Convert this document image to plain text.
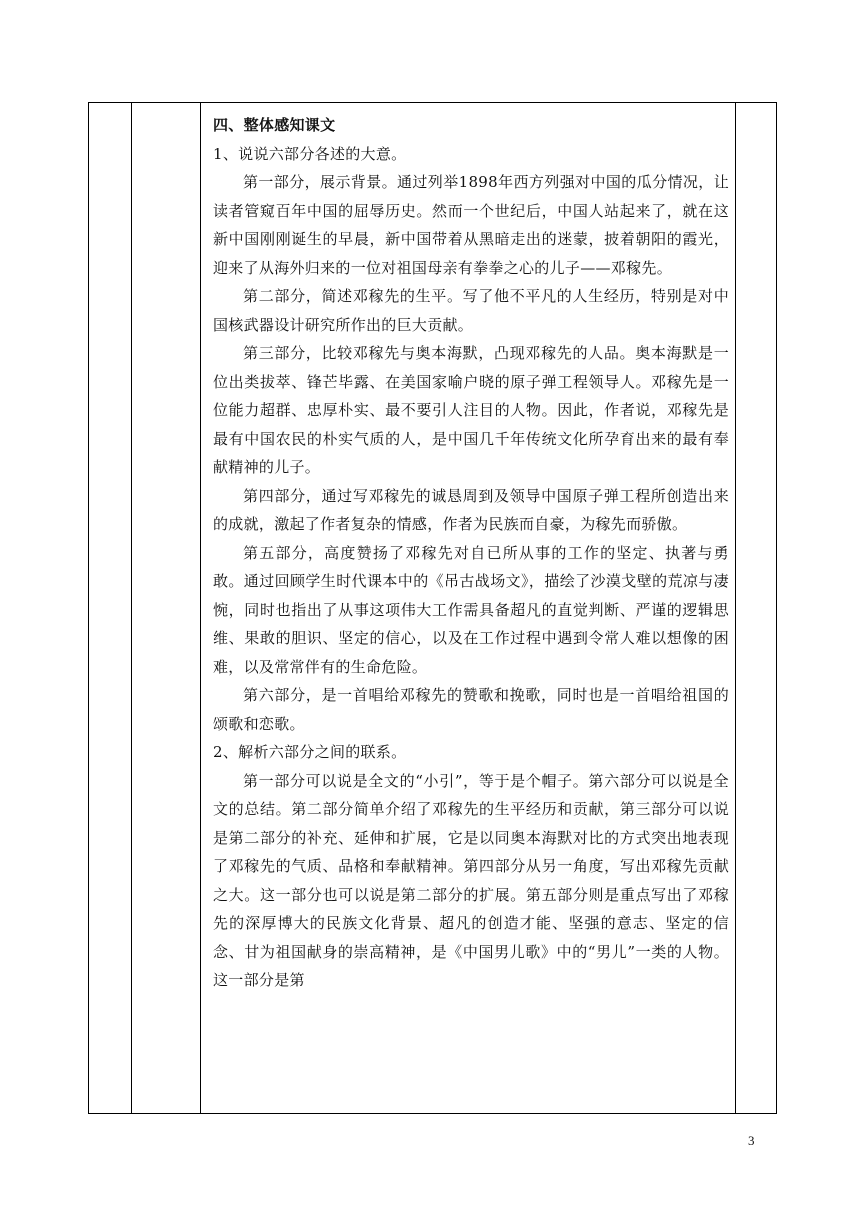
四、整体感知课文

1、说说六部分各述的大意。

第一部分，展示背景。通过列举1898年西方列强对中国的瓜分情况，让读者管窥百年中国的屈辱历史。然而一个世纪后，中国人站起来了，就在这新中国刚刚诞生的早晨，新中国带着从黑暗走出的迷蒙，披着朝阳的霞光，迎来了从海外归来的一位对祖国母亲有拳拳之心的儿子——邓稼先。

第二部分，简述邓稼先的生平。写了他不平凡的人生经历，特别是对中国核武器设计研究所作出的巨大贡献。

第三部分，比较邓稼先与奥本海默，凸现邓稼先的人品。奥本海默是一位出类拔萃、锋芒毕露、在美国家喻户晓的原子弹工程领导人。邓稼先是一位能力超群、忠厚朴实、最不要引人注目的人物。因此，作者说，邓稼先是最有中国农民的朴实气质的人，是中国几千年传统文化所孕育出来的最有奉献精神的儿子。

第四部分，通过写邓稼先的诚恳周到及领导中国原子弹工程所创造出来的成就，激起了作者复杂的情感，作者为民族而自豪，为稼先而骄傲。

第五部分，高度赞扬了邓稼先对自已所从事的工作的坚定、执著与勇敢。通过回顾学生时代课本中的《吊古战场文》，描绘了沙漠戈壁的荒凉与凄惋，同时也指出了从事这项伟大工作需具备超凡的直觉判断、严谨的逻辑思维、果敢的胆识、坚定的信心，以及在工作过程中遇到令常人难以想像的困难，以及常常伴有的生命危险。

第六部分，是一首唱给邓稼先的赞歌和挽歌，同时也是一首唱给祖国的颂歌和恋歌。

2、解析六部分之间的联系。

第一部分可以说是全文的“小引”，等于是个帽子。第六部分可以说是全文的总结。第二部分简单介绍了邓稼先的生平经历和贡献，第三部分可以说是第二部分的补充、延伸和扩展，它是以同奥本海默对比的方式突出地表现了邓稼先的气质、品格和奉献精神。第四部分从另一角度，写出邓稼先贡献之大。这一部分也可以说是第二部分的扩展。第五部分则是重点写出了邓稼先的深厚博大的民族文化背景、超凡的创造才能、坚强的意志、坚定的信念、甘为祖国献身的崇高精神，是《中国男儿歌》中的“男儿”一类的人物。这一部分是第

3
